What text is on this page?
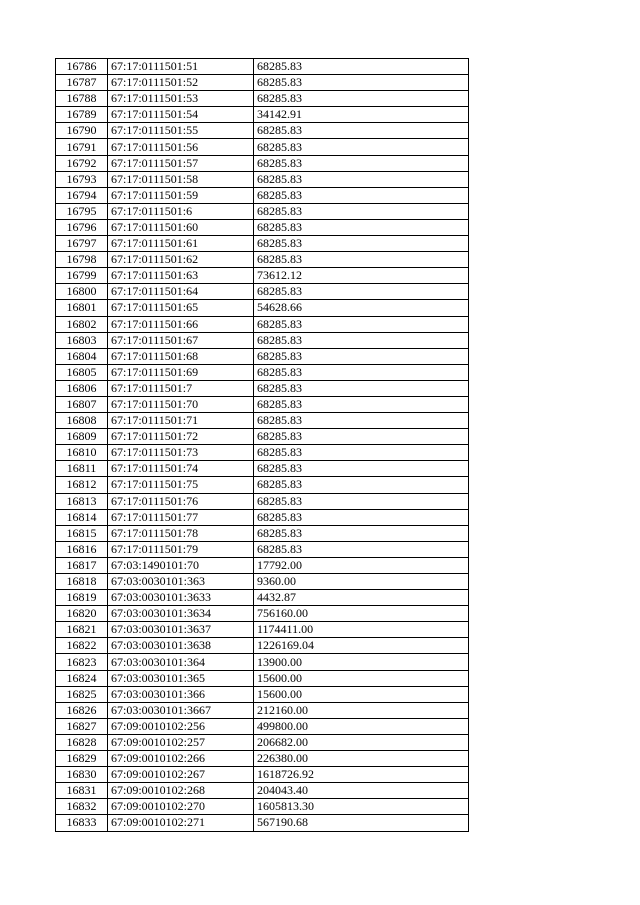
16786	67:17:0111501:51	68285.83
16787	67:17:0111501:52	68285.83
16788	67:17:0111501:53	68285.83
16789	67:17:0111501:54	34142.91
16790	67:17:0111501:55	68285.83
16791	67:17:0111501:56	68285.83
16792	67:17:0111501:57	68285.83
16793	67:17:0111501:58	68285.83
16794	67:17:0111501:59	68285.83
16795	67:17:0111501:6	68285.83
16796	67:17:0111501:60	68285.83
16797	67:17:0111501:61	68285.83
16798	67:17:0111501:62	68285.83
16799	67:17:0111501:63	73612.12
16800	67:17:0111501:64	68285.83
16801	67:17:0111501:65	54628.66
16802	67:17:0111501:66	68285.83
16803	67:17:0111501:67	68285.83
16804	67:17:0111501:68	68285.83
16805	67:17:0111501:69	68285.83
16806	67:17:0111501:7	68285.83
16807	67:17:0111501:70	68285.83
16808	67:17:0111501:71	68285.83
16809	67:17:0111501:72	68285.83
16810	67:17:0111501:73	68285.83
16811	67:17:0111501:74	68285.83
16812	67:17:0111501:75	68285.83
16813	67:17:0111501:76	68285.83
16814	67:17:0111501:77	68285.83
16815	67:17:0111501:78	68285.83
16816	67:17:0111501:79	68285.83
16817	67:03:1490101:70	17792.00
16818	67:03:0030101:363	9360.00
16819	67:03:0030101:3633	4432.87
16820	67:03:0030101:3634	756160.00
16821	67:03:0030101:3637	1174411.00
16822	67:03:0030101:3638	1226169.04
16823	67:03:0030101:364	13900.00
16824	67:03:0030101:365	15600.00
16825	67:03:0030101:366	15600.00
16826	67:03:0030101:3667	212160.00
16827	67:09:0010102:256	499800.00
16828	67:09:0010102:257	206682.00
16829	67:09:0010102:266	226380.00
16830	67:09:0010102:267	1618726.92
16831	67:09:0010102:268	204043.40
16832	67:09:0010102:270	1605813.30
16833	67:09:0010102:271	567190.68
